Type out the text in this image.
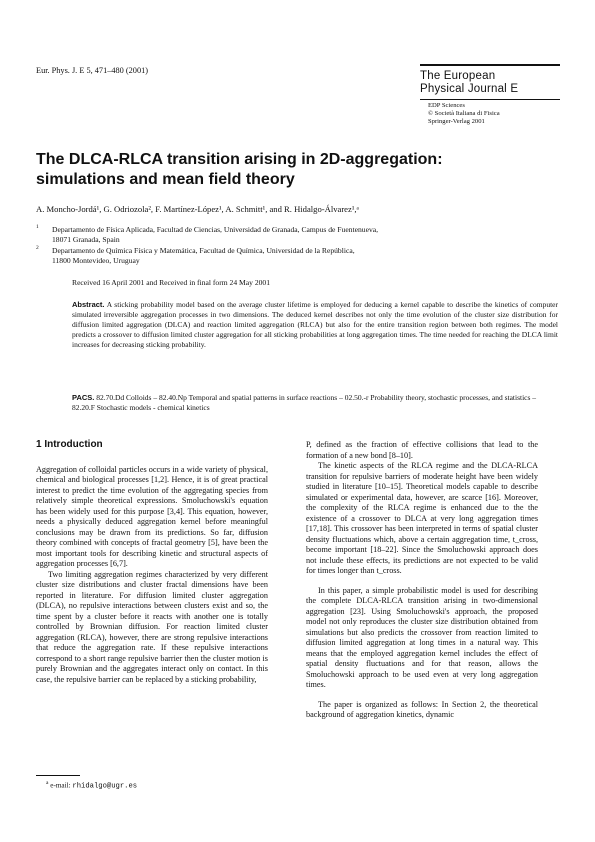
Eur. Phys. J. E 5, 471–480 (2001)	The European
Physical Journal E
EDP Sciences
© Società Italiana di Fisica
Springer-Verlag 2001
The DLCA-RLCA transition arising in 2D-aggregation:
simulations and mean field theory
A. Moncho-Jordá¹, G. Odriozola², F. Martínez-López¹, A. Schmitt¹, and R. Hidalgo-Álvarez¹,ᵃ
1 Departamento de Física Aplicada, Facultad de Ciencias, Universidad de Granada, Campus de Fuentenueva,
18071 Granada, Spain
2 Departamento de Química Física y Matemática, Facultad de Química, Universidad de la República,
11800 Montevideo, Uruguay
Received 16 April 2001 and Received in final form 24 May 2001
Abstract. A sticking probability model based on the average cluster lifetime is employed for deducing a kernel capable to describe the kinetics of computer simulated irreversible aggregation processes in two dimensions. The deduced kernel describes not only the time evolution of the cluster size distribution for diffusion limited aggregation (DLCA) and reaction limited aggregation (RLCA) but also for the entire transition region between both regimes. The model predicts a crossover to diffusion limited cluster aggregation for all sticking probabilities at long aggregation times. The time needed for reaching the DLCA limit increases for decreasing sticking probability.
PACS. 82.70.Dd Colloids – 82.40.Np Temporal and spatial patterns in surface reactions – 02.50.-r Probability theory, stochastic processes, and statistics – 82.20.F Stochastic models - chemical kinetics
1 Introduction

Aggregation of colloidal particles occurs in a wide variety of physical, chemical and biological processes [1,2]. Hence, it is of great practical interest to predict the time evolution of the aggregating species from relatively simple theoretical expressions. Smoluchowski's equation has been widely used for this purpose [3,4]. This equation, however, needs a physically deduced aggregation kernel before meaningful conclusions may be drawn from its predictions. So far, diffusion theory combined with concepts of fractal geometry [5], have been the most important tools for describing kinetic and structural aspects of aggregation processes [6,7].

Two limiting aggregation regimes characterized by very different cluster size distributions and cluster fractal dimensions have been reported in literature. For diffusion limited cluster aggregation (DLCA), no repulsive interactions between clusters exist and so, the time spent by a cluster before it reacts with another one is totally controlled by Brownian diffusion. For reaction limited cluster aggregation (RLCA), however, there are strong repulsive interactions that reduce the aggregation rate. If these repulsive interactions correspond to a short range repulsive barrier then the cluster motion is purely Brownian and the aggregates interact only on contact. In this case, the repulsive barrier can be replaced by a sticking probability,

P, defined as the fraction of effective collisions that lead to the formation of a new bond [8–10].

The kinetic aspects of the RLCA regime and the DLCA-RLCA transition for repulsive barriers of moderate height have been widely studied in literature [10–15]. Theoretical models capable to describe simulated or experimental data, however, are scarce [16]. Moreover, the complexity of the RLCA regime is enhanced due to the the existence of a crossover to DLCA at very long aggregation times [17,18]. This crossover has been interpreted in terms of spatial cluster density fluctuations which, above a certain aggregation time, t_cross, become important [18–22]. Since the Smoluchowski approach does not include these effects, its predictions are not expected to be valid for times longer than t_cross.

In this paper, a simple probabilistic model is used for describing the complete DLCA-RLCA transition arising in two-dimensional aggregation [23]. Using Smoluchowski's approach, the proposed model not only reproduces the cluster size distribution obtained from simulations but also predicts the crossover from reaction limited to diffusion limited aggregation at long times in a natural way. This means that the employed aggregation kernel includes the effect of spatial density fluctuations and for that reason, allows the Smoluchowski approach to be used even at very long aggregation times.

The paper is organized as follows: In Section 2, the theoretical background of aggregation kinetics, dynamic

$^a$ e-mail: rhidalgo@ugr.es
